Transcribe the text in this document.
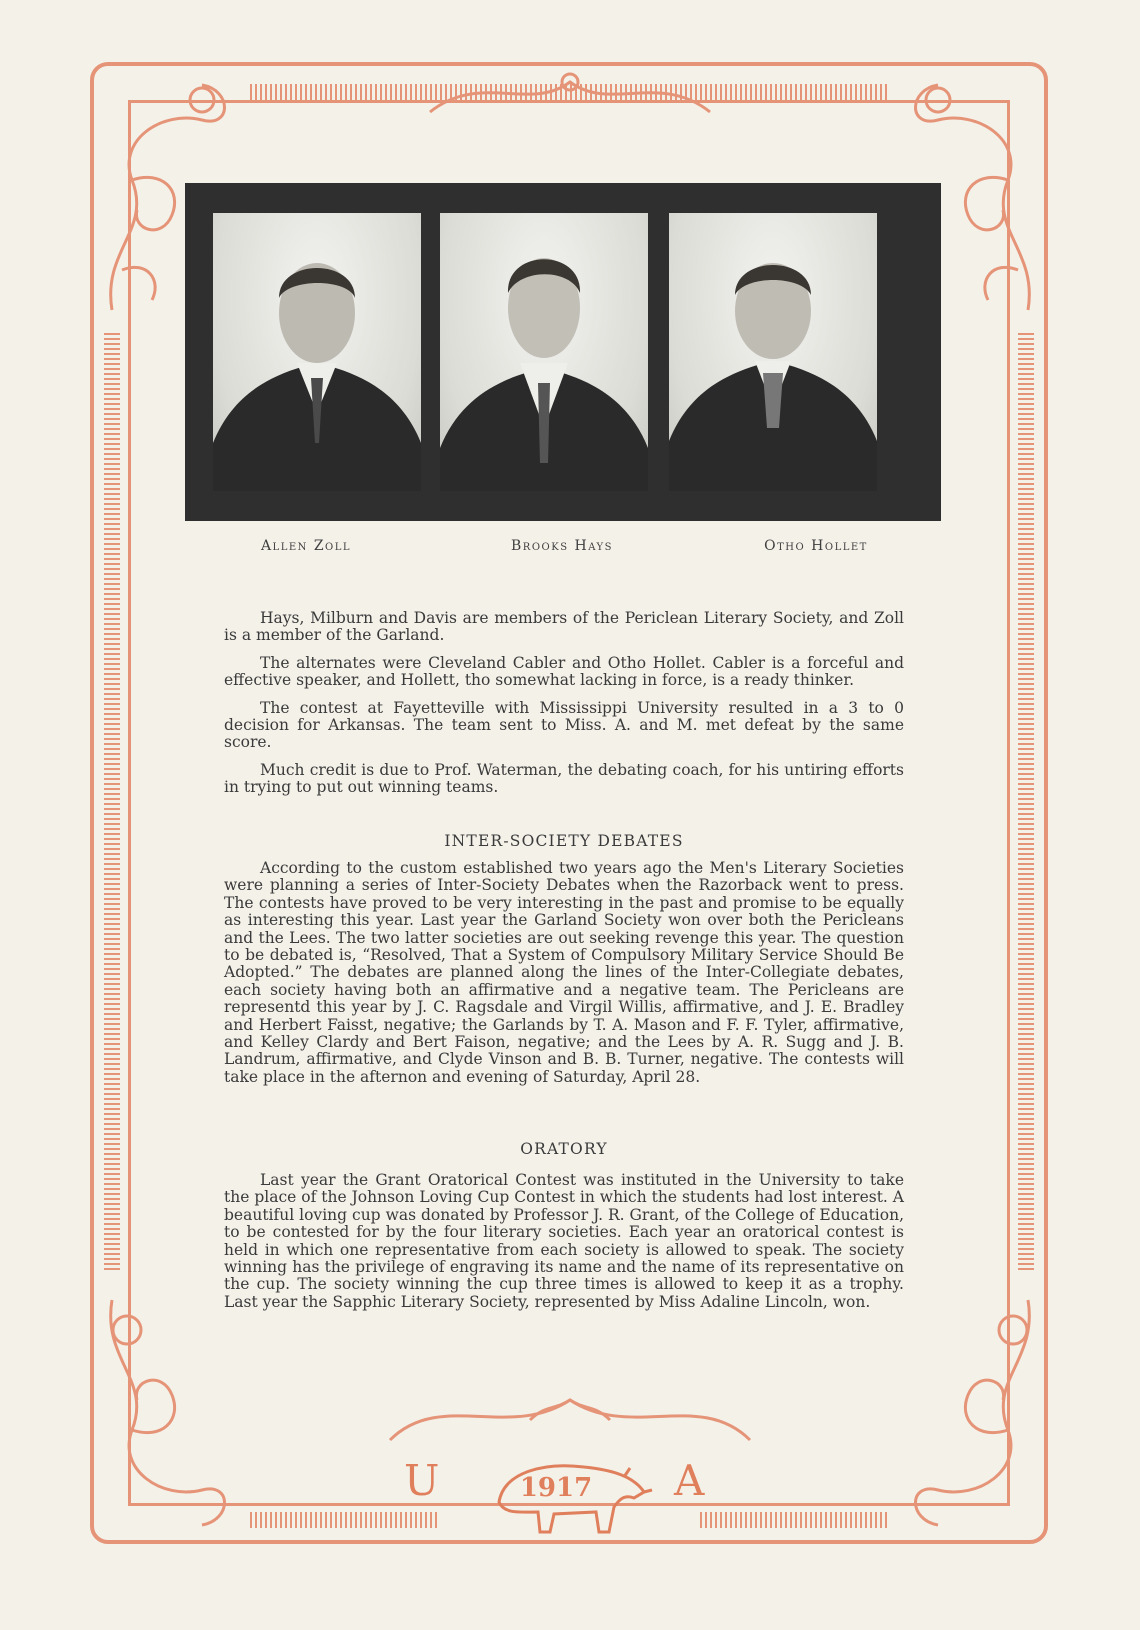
Allen Zoll	Brooks Hays	Otho Hollet

Hays, Milburn and Davis are members of the Periclean Literary Society, and Zoll is a member of the Garland.

The alternates were Cleveland Cabler and Otho Hollet. Cabler is a forceful and effective speaker, and Hollett, tho somewhat lacking in force, is a ready thinker.

The contest at Fayetteville with Mississippi University resulted in a 3 to 0 decision for Arkansas. The team sent to Miss. A. and M. met defeat by the same score.

Much credit is due to Prof. Waterman, the debating coach, for his untiring efforts in trying to put out winning teams.

INTER-SOCIETY DEBATES

According to the custom established two years ago the Men's Literary Societies were planning a series of Inter-Society Debates when the Razorback went to press. The contests have proved to be very interesting in the past and promise to be equally as interesting this year. Last year the Garland Society won over both the Pericleans and the Lees. The two latter societies are out seeking revenge this year. The question to be debated is, “Resolved, That a System of Compulsory Military Service Should Be Adopted.” The debates are planned along the lines of the Inter-Collegiate debates, each society having both an affirmative and a negative team. The Pericleans are representd this year by J. C. Ragsdale and Virgil Willis, affirmative, and J. E. Bradley and Herbert Faisst, negative; the Garlands by T. A. Mason and F. F. Tyler, affirmative, and Kelley Clardy and Bert Faison, negative; and the Lees by A. R. Sugg and J. B. Landrum, affirmative, and Clyde Vinson and B. B. Turner, negative. The contests will take place in the afternon and evening of Saturday, April 28.

ORATORY

Last year the Grant Oratorical Contest was instituted in the University to take the place of the Johnson Loving Cup Contest in which the students had lost interest. A beautiful loving cup was donated by Professor J. R. Grant, of the College of Education, to be contested for by the four literary societies. Each year an oratorical contest is held in which one representative from each society is allowed to speak. The society winning has the privilege of engraving its name and the name of its representative on the cup. The society winning the cup three times is allowed to keep it as a trophy. Last year the Sapphic Literary Society, represented by Miss Adaline Lincoln, won.

U	A
1917
